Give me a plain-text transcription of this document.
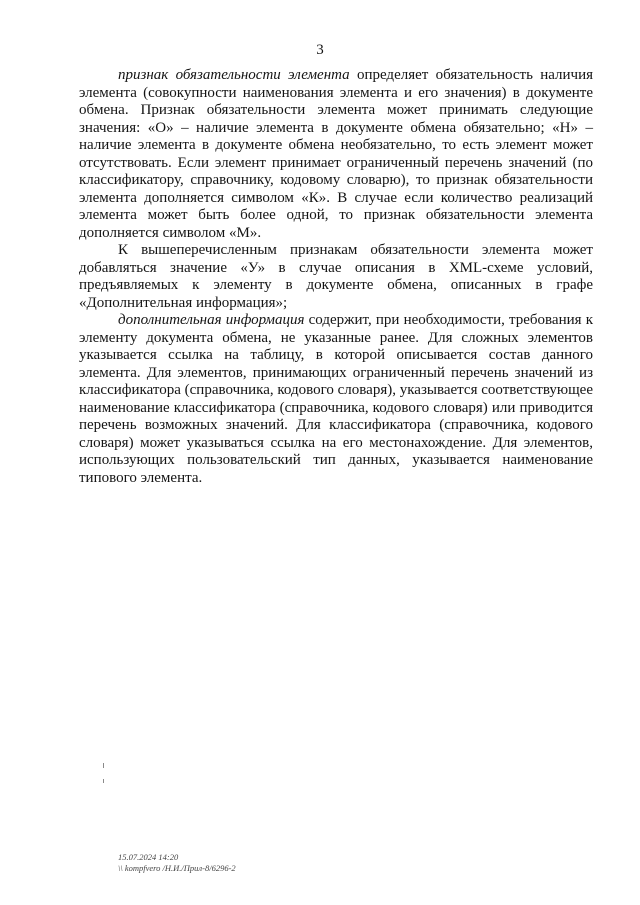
3

признак обязательности элемента определяет обязательность наличия элемента (совокупности наименования элемента и его значения) в документе обмена. Признак обязательности элемента может принимать следующие значения: «О» – наличие элемента в документе обмена обязательно; «Н» – наличие элемента в документе обмена необязательно, то есть элемент может отсутствовать. Если элемент принимает ограниченный перечень значений (по классификатору, справочнику, кодовому словарю), то признак обязательности элемента дополняется символом «К». В случае если количество реализаций элемента может быть более одной, то признак обязательности элемента дополняется символом «М».

К вышеперечисленным признакам обязательности элемента может добавляться значение «У» в случае описания в XML-схеме условий, предъявляемых к элементу в документе обмена, описанных в графе «Дополнительная информация»;

дополнительная информация содержит, при необходимости, требования к элементу документа обмена, не указанные ранее. Для сложных элементов указывается ссылка на таблицу, в которой описывается состав данного элемента. Для элементов, принимающих ограниченный перечень значений из классификатора (справочника, кодового словаря), указывается соответствующее наименование классификатора (справочника, кодового словаря) или приводится перечень возможных значений. Для классификатора (справочника, кодового словаря) может указываться ссылка на его местонахождение. Для элементов, использующих пользовательский тип данных, указывается наименование типового элемента.

15.07.2024 14:20
\\ kompfvero /Н.И./Прил-8/6296-2
